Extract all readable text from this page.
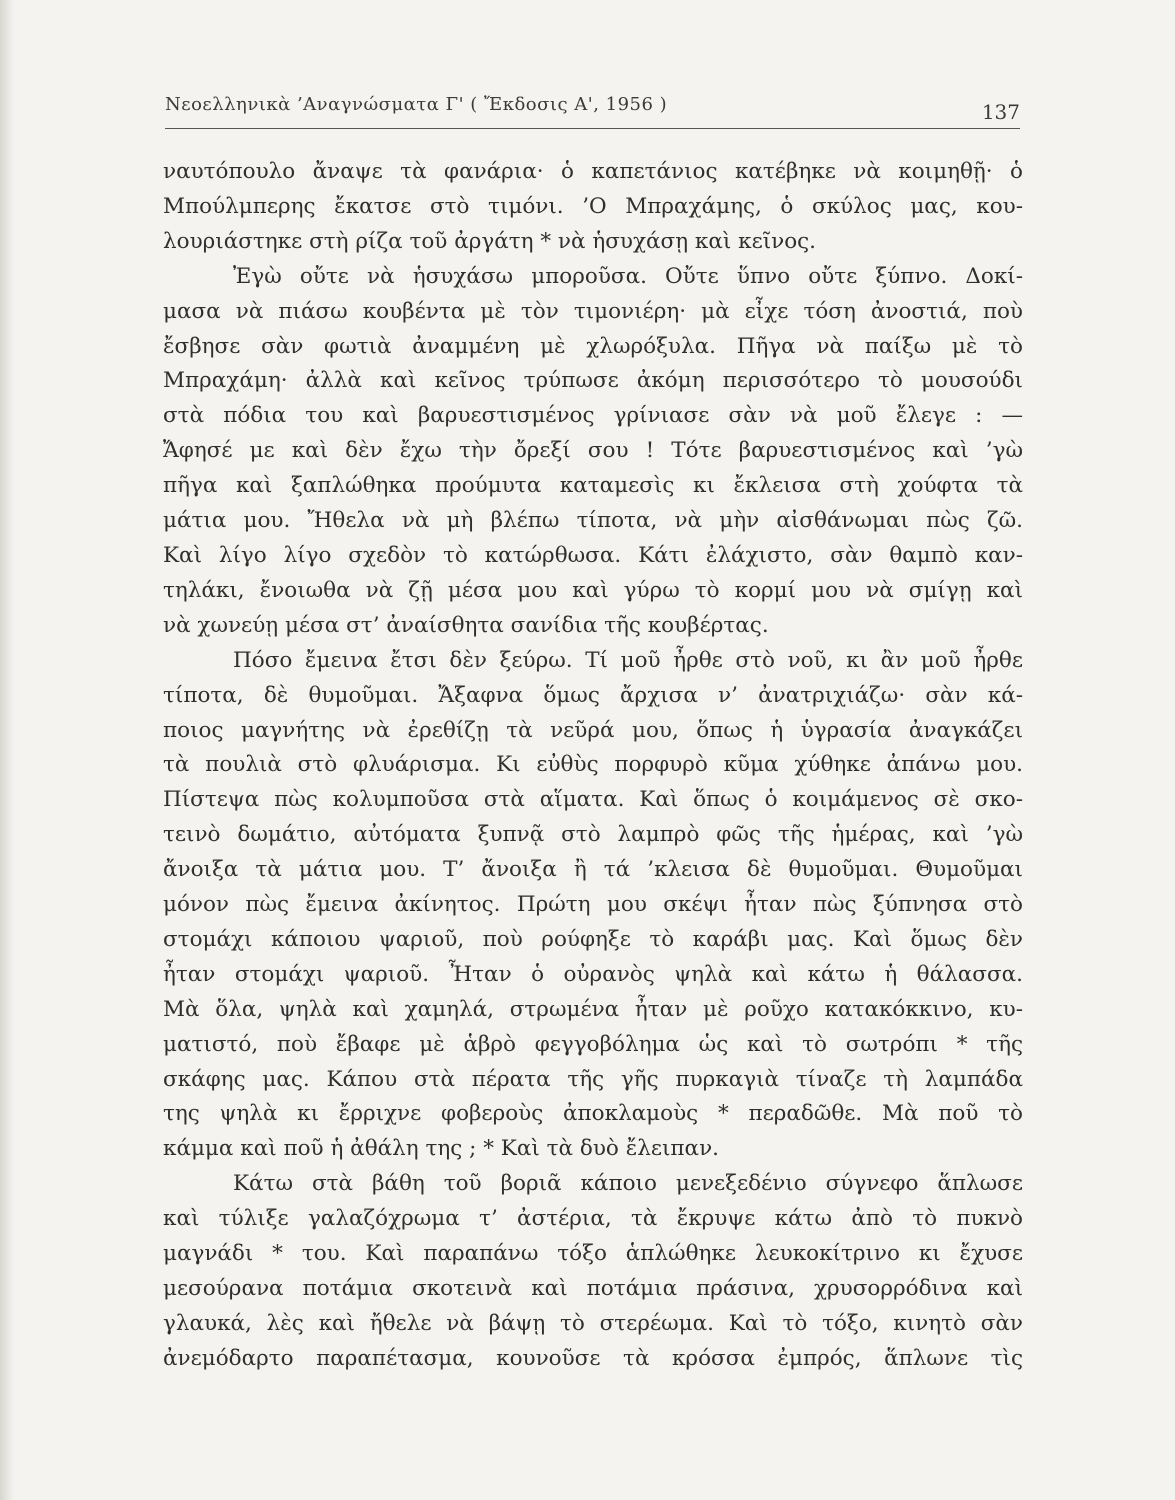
Νεοελληνικὰ ’Αναγνώσματα Γ' ( Ἔκδοσις Α', 1956 )	137

ναυτόπουλο ἄναψε τὰ φανάρια· ὁ καπετάνιος κατέβηκε νὰ κοιμηθῇ· ὁ
Μπούλμπερης ἔκατσε στὸ τιμόνι. ’Ο Μπραχάμης, ὁ σκύλος μας, κου-
λουριάστηκε στὴ ρίζα τοῦ ἀργάτη * νὰ ἡσυχάσῃ καὶ κεῖνος.

Ἐγὼ οὔτε νὰ ἡσυχάσω μποροῦσα. Οὔτε ὕπνο οὔτε ξύπνο. Δοκί-
μασα νὰ πιάσω κουβέντα μὲ τὸν τιμονιέρη· μὰ εἶχε τόση ἀνοστιά, ποὺ
ἔσβησε σὰν φωτιὰ ἀναμμένη μὲ χλωρόξυλα. Πῆγα νὰ παίξω μὲ τὸ
Μπραχάμη· ἀλλὰ καὶ κεῖνος τρύπωσε ἀκόμη περισσότερο τὸ μουσούδι
στὰ πόδια του καὶ βαρυεστισμένος γρίνιασε σὰν νὰ μοῦ ἔλεγε : —
Ἄφησέ με καὶ δὲν ἔχω τὴν ὄρεξί σου ! Τότε βαρυεστισμένος καὶ ’γὼ
πῆγα καὶ ξαπλώθηκα προύμυτα καταμεσὶς κι ἔκλεισα στὴ χούφτα τὰ
μάτια μου. Ἤθελα νὰ μὴ βλέπω τίποτα, νὰ μὴν αἰσθάνωμαι πὼς ζῶ.
Καὶ λίγο λίγο σχεδὸν τὸ κατώρθωσα. Κάτι ἐλάχιστο, σὰν θαμπὸ καν-
τηλάκι, ἔνοιωθα νὰ ζῇ μέσα μου καὶ γύρω τὸ κορμί μου νὰ σμίγῃ καὶ
νὰ χωνεύῃ μέσα στ’ ἀναίσθητα σανίδια τῆς κουβέρτας.

Πόσο ἔμεινα ἔτσι δὲν ξεύρω. Τί μοῦ ἦρθε στὸ νοῦ, κι ἂν μοῦ ἦρθε
τίποτα, δὲ θυμοῦμαι. Ἄξαφνα ὅμως ἄρχισα ν’ ἀνατριχιάζω· σὰν κά-
ποιος μαγνήτης νὰ ἐρεθίζῃ τὰ νεῦρά μου, ὅπως ἡ ὑγρασία ἀναγκάζει
τὰ πουλιὰ στὸ φλυάρισμα. Κι εὐθὺς πορφυρὸ κῦμα χύθηκε ἀπάνω μου.
Πίστεψα πὼς κολυμποῦσα στὰ αἵματα. Καὶ ὅπως ὁ κοιμάμενος σὲ σκο-
τεινὸ δωμάτιο, αὐτόματα ξυπνᾷ στὸ λαμπρὸ φῶς τῆς ἡμέρας, καὶ ’γὼ
ἄνοιξα τὰ μάτια μου. Τ’ ἄνοιξα ἢ τά ’κλεισα δὲ θυμοῦμαι. Θυμοῦμαι
μόνον πὼς ἔμεινα ἀκίνητος. Πρώτη μου σκέψι ἦταν πὼς ξύπνησα στὸ
στομάχι κάποιου ψαριοῦ, ποὺ ρούφηξε τὸ καράβι μας. Καὶ ὅμως δὲν
ἦταν στομάχι ψαριοῦ. Ἦταν ὁ οὐρανὸς ψηλὰ καὶ κάτω ἡ θάλασσα.
Μὰ ὅλα, ψηλὰ καὶ χαμηλά, στρωμένα ἦταν μὲ ροῦχο κατακόκκινο, κυ-
ματιστό, ποὺ ἔβαφε μὲ ἁβρὸ φεγγοβόλημα ὡς καὶ τὸ σωτρόπι * τῆς
σκάφης μας. Κάπου στὰ πέρατα τῆς γῆς πυρκαγιὰ τίναζε τὴ λαμπάδα
της ψηλὰ κι ἔρριχνε φοβεροὺς ἀποκλαμοὺς * περαδῶθε. Μὰ ποῦ τὸ
κάμμα καὶ ποῦ ἡ ἀθάλη της ; * Καὶ τὰ δυὸ ἔλειπαν.

Κάτω στὰ βάθη τοῦ βοριᾶ κάποιο μενεξεδένιο σύγνεφο ἅπλωσε
καὶ τύλιξε γαλαζόχρωμα τ’ ἀστέρια, τὰ ἔκρυψε κάτω ἀπὸ τὸ πυκνὸ
μαγνάδι * του. Καὶ παραπάνω τόξο ἁπλώθηκε λευκοκίτρινο κι ἔχυσε
μεσούρανα ποτάμια σκοτεινὰ καὶ ποτάμια πράσινα, χρυσορρόδινα καὶ
γλαυκά, λὲς καὶ ἤθελε νὰ βάψῃ τὸ στερέωμα. Καὶ τὸ τόξο, κινητὸ σὰν
ἀνεμόδαρτο παραπέτασμα, κουνοῦσε τὰ κρόσσα ἐμπρός, ἅπλωνε τὶς
